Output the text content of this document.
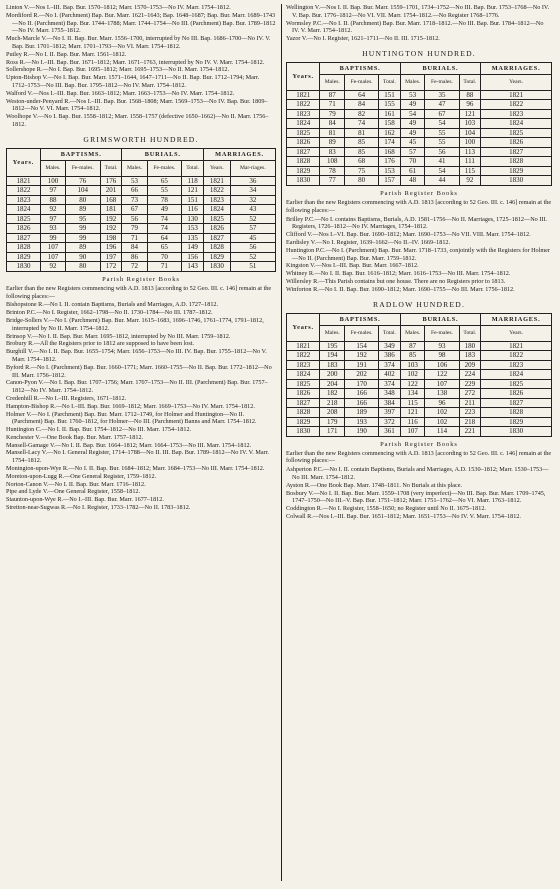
Linton V.—Nos I.–III. Bap. Bur. 1570–1812; Marr. 1570–1753—No IV. Marr. 1754–1812.

Mordiford R.—No I. (Parchment) Bap. Bur. Marr. 1621–1643; Bap. 1648–1687; Bap. Bur. Marr. 1689–1743—No II. (Parchment) Bap. Bur. 1744–1788; Marr. 1744–1754—No III. (Parchment) Bap. Bur. 1789–1812—No IV. Marr. 1755–1812.

Much-Marcle V.—No I. II. Bap. Bur. Marr. 1556–1700, interrupted by No III. Bap. 1686–1700—No IV. V. Bap. Bur. 1701–1812; Marr. 1701–1793—No VI. Marr. 1754–1812.

Putley R.—No I. II. Bap. Bur. Marr. 1561–1812.

Ross R.—No I.–III. Bap. Bur. 1671–1812; Marr. 1671–1763, interrupted by No IV. V. Marr. 1754–1812.

Sollershope R.—No I. Bap. Bur. 1695–1812; Marr. 1695–1753—No II. Marr. 1754–1812.

Upton-Bishop V.—No I. Bap. Bur. Marr. 1571–1644, 1647–1711—No II. Bap. Bur. 1712–1794; Marr. 1712–1753—No III. Bap. Bur. 1795–1812—No IV. Marr. 1754–1812.

Walford V.—Nos I.–III. Bap. Bur. 1663–1812; Marr. 1663–1753—No IV. Marr. 1754–1812.

Weston-under-Penyard R.—Nos I.–III. Bap. Bur. 1568–1808; Marr. 1569–1753—No IV. Bap. Bur. 1809–1812—No V. VI. Marr. 1754–1812.

Woolhope V.—No I. Bap. Bur. 1558–1812; Marr. 1558–1757 (defective 1650–1662)—No II. Marr. 1756–1812.

GRIMSWORTH HUNDRED.
Years.	BAPTISMS.			BURIALS.			MARRIAGES.	
	Males.	Fe-males.	Total.	Males.	Fe-males.	Total.	Years.	Mar-riages.
1821	100	76	176	53	65	118	1821	36
1822	97	104	201	66	55	121	1822	34
1823	88	80	168	73	78	151	1823	32
1824	92	89	181	67	49	116	1824	43
1825	97	95	192	56	74	130	1825	52
1826	93	99	192	79	74	153	1826	57
1827	99	99	198	71	64	135	1827	45
1828	107	89	196	84	65	149	1828	56
1829	107	90	197	86	70	156	1829	52
1830	92	80	172	72	71	143	1830	51
Parish Register Books

Earlier than the new Registers commencing with A.D. 1813 [according to 52 Geo. III. c. 146] remain at the following places:—

Bishopstone R.—No I. II. contain Baptisms, Burials and Marriages, A.D. 1727–1812.

Brinton P.C.—No I. Register, 1662–1798—No II. 1730–1784—No III. 1787–1812.

Bridge-Sollers V.—No I. (Parchment) Bap. Bur. Marr. 1615–1683, 1696–1746, 1761–1774, 1791–1812, interrupted by No II. Marr. 1754–1812.

Brinsop V.—No I. II. Bap. Bur. Marr. 1695–1812, interrupted by No III. Marr. 1759–1812.

Brobury R.—All the Registers prior to 1812 are supposed to have been lost.

Burghill V.—No I. II. Bap. Bur. 1655–1754; Marr. 1656–1753—No III. IV. Bap. Bur. 1755–1812—No V. Marr. 1754–1812.

Byford R.—No I. (Parchment) Bap. Bur. 1660–1771; Marr. 1660–1755—No II. Bap. Bur. 1772–1812—No III. Marr. 1756–1812.

Canon-Pyon V.—No I. Bap. Bur. 1707–1756; Marr. 1707–1753—No II. III. (Parchment) Bap. Bur. 1757–1812—No IV. Marr. 1754–1812.

Credenhill R.—No I.–III. Registers, 1671–1812.

Hampton-Bishop R.—No I.–III. Bap. Bur. 1669–1812; Marr. 1669–1753—No IV. Marr. 1754–1812.

Holmer V.—No I. (Parchment) Bap. Bur. Marr. 1712–1749, for Holmer and Huntington—No II. (Parchment) Bap. Bur. 1760–1812, for Holmer—No III. (Parchment) Banns and Marr. 1754–1812.

Huntington C.—No I. II. Bap. Bur. 1754–1812—No III. Marr. 1754–1812.

Kenchester V.—One Book Bap. Bur. Marr. 1757–1812.

Mansell-Gamage V.—No I. II. Bap. Bur. 1664–1812; Marr. 1664–1753—No III. Marr. 1754–1812.

Mansell-Lacy V.—No I. General Register, 1714–1788—No II. III. Bap. Bur. 1789–1812—No IV. V. Marr. 1754–1812.

Monington-upon-Wye R.—No I. II. Bap. Bur. 1684–1812; Marr. 1684–1753—No III. Marr. 1754–1812.

Moreton-upon-Lugg R.—One General Register, 1759–1812.

Norton-Canon V.—No I. II. Bap. Bur. Marr. 1716–1812.

Pipe and Lyde V.—One General Register, 1558–1812.

Staunton-upon-Wye R.—No I.–III. Bap. Bur. Marr. 1677–1812.

Stretton-near-Sugwas R.—No I. Register, 1733–1782—No II. 1783–1812.

Wellington V.—Nos I. II. Bap. Bur. Marr. 1559–1701, 1734–1752—No III. Bap. Bur. 1753–1768—No IV. V. Bap. Bur. 1776–1812—No VI. VII. Marr. 1754–1812.—No Register 1768–1776.

Wormsley P.C.—No I. II. (Parchment) Bap. Bur. Marr. 1718–1812.—No III. Bap. Bur. 1784–1812—No IV. V. Marr. 1754–1812.

Yazor V.—No I. Register, 1621–1711—No II. III. 1715–1812.

HUNTINGTON HUNDRED.
Years.	BAPTISMS.			BURIALS.			MARRIAGES.
	Males.	Fe-males.	Total.	Males.	Fe-males.	Total.	Years.
1821	87	64	151	53	35	88	1821
1822	71	84	155	49	47	96	1822
1823	79	82	161	54	67	121	1823
1824	84	74	158	49	54	103	1824
1825	81	81	162	49	55	104	1825
1826	89	85	174	45	55	100	1826
1827	83	85	168	57	56	113	1827
1828	108	68	176	70	41	111	1828
1829	78	75	153	61	54	115	1829
1830	77	80	157	48	44	92	1830
Parish Register Books

Earlier than the new Registers commencing with A.D. 1813 [according to 52 Geo. III. c. 146] remain at the following places:—

Brilley P.C.—No I. contains Baptisms, Burials, A.D. 1581–1756—No II. Marriages, 1725–1812—No III. Registers, 1726–1812—No IV. Marriages, 1754–1812.

Clifford V.—Nos I.–VI. Bap. Bur. 1690–1812; Marr. 1690–1753—No VII. VIII. Marr. 1754–1812.

Eardisley V.—No I. Register, 1639–1662—No II.–IV. 1669–1812.

Huntington P.C.—No I. (Parchment) Bap. Bur. Marr. 1718–1733, conjointly with the Registers for Holmer—No II. (Parchment) Bap. Bur. Marr. 1759–1812.

Kingston V.—Nos I.–III. Bap. Bur. Marr. 1667–1812.

Whitney R.—No I. II. Bap. Bur. 1616–1812; Marr. 1616–1753—No III. Marr. 1754–1812.

Willersley R.—This Parish contains but one house. There are no Registers prior to 1813.

Winforton R.—No I. II. Bap. Bur. 1690–1812; Marr. 1690–1755—No III. Marr. 1756–1812.

RADLOW HUNDRED.
Years.	BAPTISMS.			BURIALS.			MARRIAGES.
	Males.	Fe-males.	Total.	Males.	Fe-males.	Total.	Years.
1821	195	154	349	87	93	180	1821
1822	194	192	386	85	98	183	1822
1823	183	191	374	103	106	209	1823
1824	200	202	402	102	122	224	1824
1825	204	170	374	122	107	229	1825
1826	182	166	348	134	138	272	1826
1827	218	166	384	115	96	211	1827
1828	208	189	397	121	102	223	1828
1829	179	193	372	116	102	218	1829
1830	171	190	361	107	114	221	1830
Parish Register Books

Earlier than the new Registers commencing with A.D. 1813 [according to 52 Geo. III. c. 146] remain at the following places:—

Ashperton P.C.—No I. II. contain Baptisms, Burials and Marriages, A.D. 1530–1812; Marr. 1530–1753—No III. Marr. 1754–1812.

Ayston R.—One Book Bap. Marr. 1748–1811. No Burials at this place.

Bosbury V.—No I. II. Bap. Bur. Marr. 1559–1708 (very imperfect)—No III. Bap. Bur. Marr. 1709–1745, 1747–1750—No III.–V. Bap. Bur. 1751–1812; Marr. 1751–1762—No VI. Marr. 1763–1812.

Coddington R.—No I. Register, 1558–1650; no Register until No II. 1675–1812.

Colwall R.—Nos I.–III. Bap. Bur. 1651–1812; Marr. 1651–1753—No IV. V. Marr. 1754–1812.
